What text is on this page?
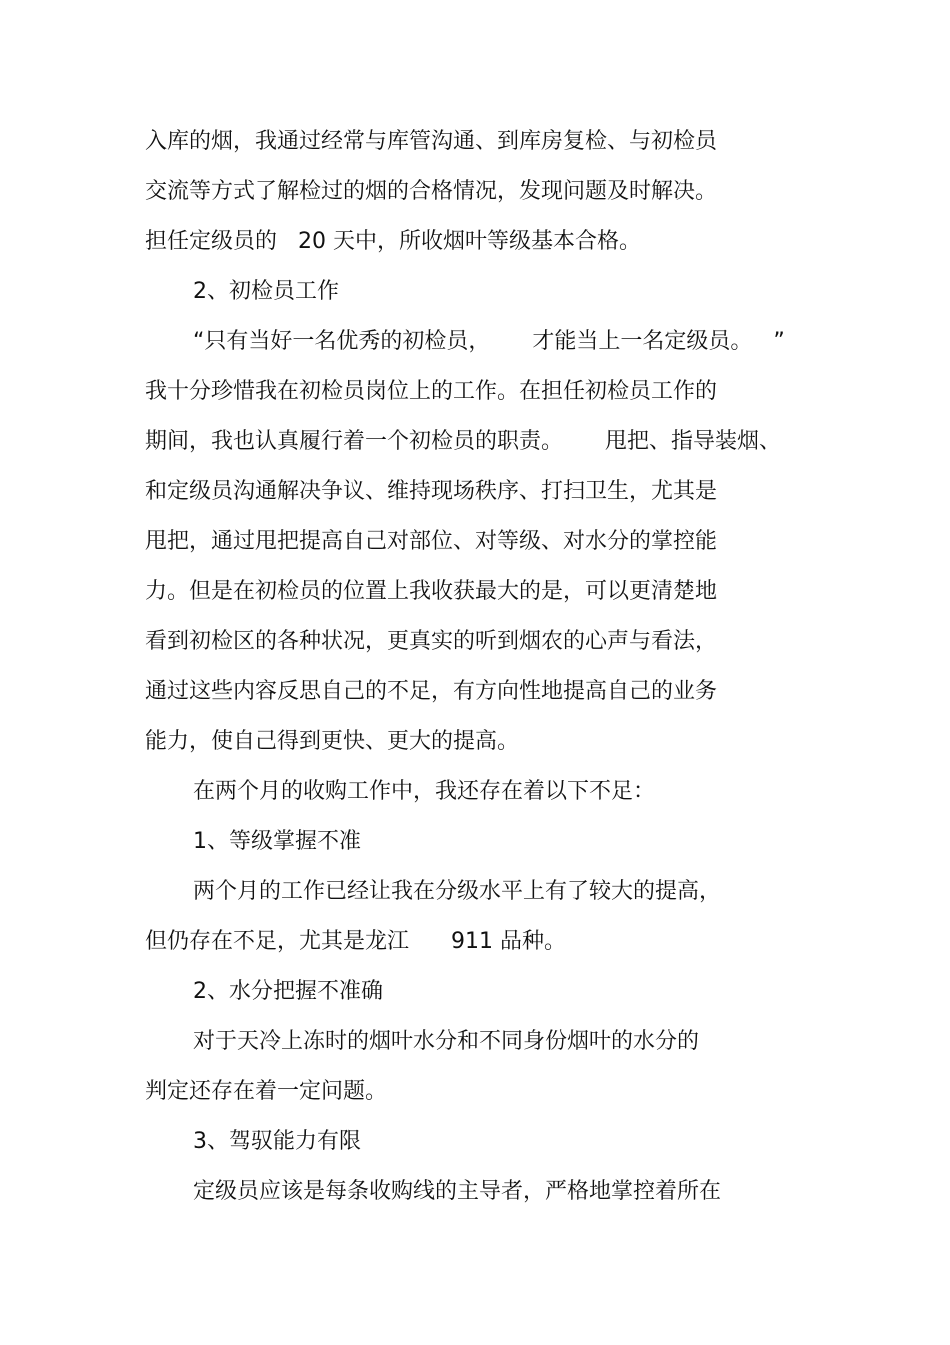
入库的烟，我通过经常与库管沟通、到库房复检、与初检员
交流等方式了解检过的烟的合格情况，发现问题及时解决。
担任定级员的   20 天中，所收烟叶等级基本合格。
2、初检员工作
“只有当好一名优秀的初检员，      才能当上一名定级员。   ”
我十分珍惜我在初检员岗位上的工作。在担任初检员工作的
期间，我也认真履行着一个初检员的职责。      甩把、指导装烟、
和定级员沟通解决争议、维持现场秩序、打扫卫生，尤其是
甩把，通过甩把提高自己对部位、对等级、对水分的掌控能
力。但是在初检员的位置上我收获最大的是，可以更清楚地
看到初检区的各种状况，更真实的听到烟农的心声与看法，
通过这些内容反思自己的不足，有方向性地提高自己的业务
能力，使自己得到更快、更大的提高。
在两个月的收购工作中，我还存在着以下不足：
1、等级掌握不准
两个月的工作已经让我在分级水平上有了较大的提高，
但仍存在不足，尤其是龙江      911 品种。
2、水分把握不准确
对于天冷上冻时的烟叶水分和不同身份烟叶的水分的
判定还存在着一定问题。
3、驾驭能力有限
定级员应该是每条收购线的主导者，严格地掌控着所在
